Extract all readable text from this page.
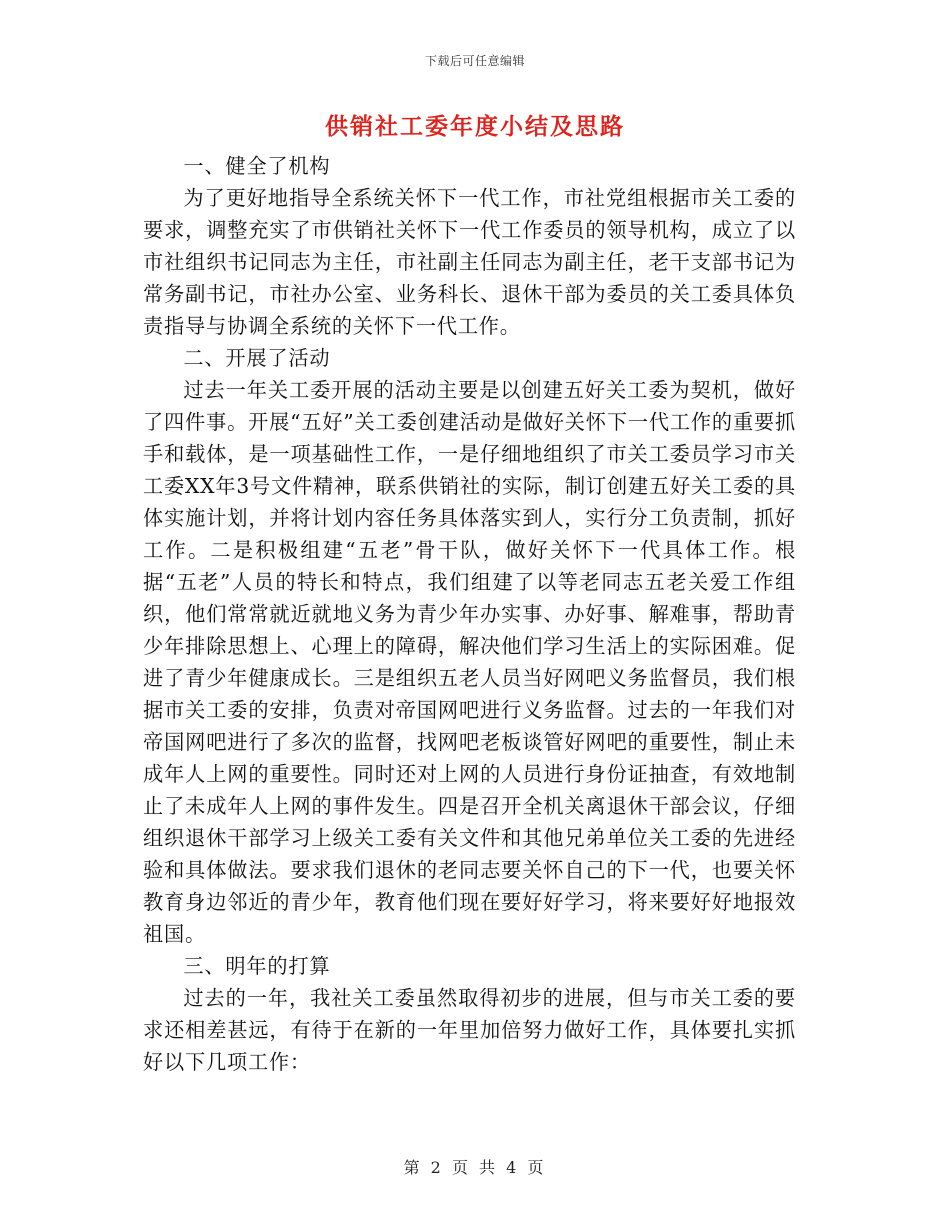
下载后可任意编辑
供销社工委年度小结及思路

一、健全了机构

为了更好地指导全系统关怀下一代工作，市社党组根据市关工委的要求，调整充实了市供销社关怀下一代工作委员的领导机构，成立了以市社组织书记同志为主任，市社副主任同志为副主任，老干支部书记为常务副书记，市社办公室、业务科长、退休干部为委员的关工委具体负责指导与协调全系统的关怀下一代工作。

二、开展了活动

过去一年关工委开展的活动主要是以创建五好关工委为契机，做好了四件事。开展“五好”关工委创建活动是做好关怀下一代工作的重要抓手和载体，是一项基础性工作，一是仔细地组织了市关工委员学习市关工委XX年3号文件精神，联系供销社的实际，制订创建五好关工委的具体实施计划，并将计划内容任务具体落实到人，实行分工负责制，抓好工作。二是积极组建“五老”骨干队，做好关怀下一代具体工作。根据“五老”人员的特长和特点，我们组建了以等老同志五老关爱工作组织，他们常常就近就地义务为青少年办实事、办好事、解难事，帮助青少年排除思想上、心理上的障碍，解决他们学习生活上的实际困难。促进了青少年健康成长。三是组织五老人员当好网吧义务监督员，我们根据市关工委的安排，负责对帝国网吧进行义务监督。过去的一年我们对帝国网吧进行了多次的监督，找网吧老板谈管好网吧的重要性，制止未成年人上网的重要性。同时还对上网的人员进行身份证抽查，有效地制止了未成年人上网的事件发生。四是召开全机关离退休干部会议，仔细组织退休干部学习上级关工委有关文件和其他兄弟单位关工委的先进经验和具体做法。要求我们退休的老同志要关怀自己的下一代，也要关怀教育身边邻近的青少年，教育他们现在要好好学习，将来要好好地报效祖国。

三、明年的打算

过去的一年，我社关工委虽然取得初步的进展，但与市关工委的要求还相差甚远，有待于在新的一年里加倍努力做好工作，具体要扎实抓好以下几项工作：

第 2 页 共 4 页
